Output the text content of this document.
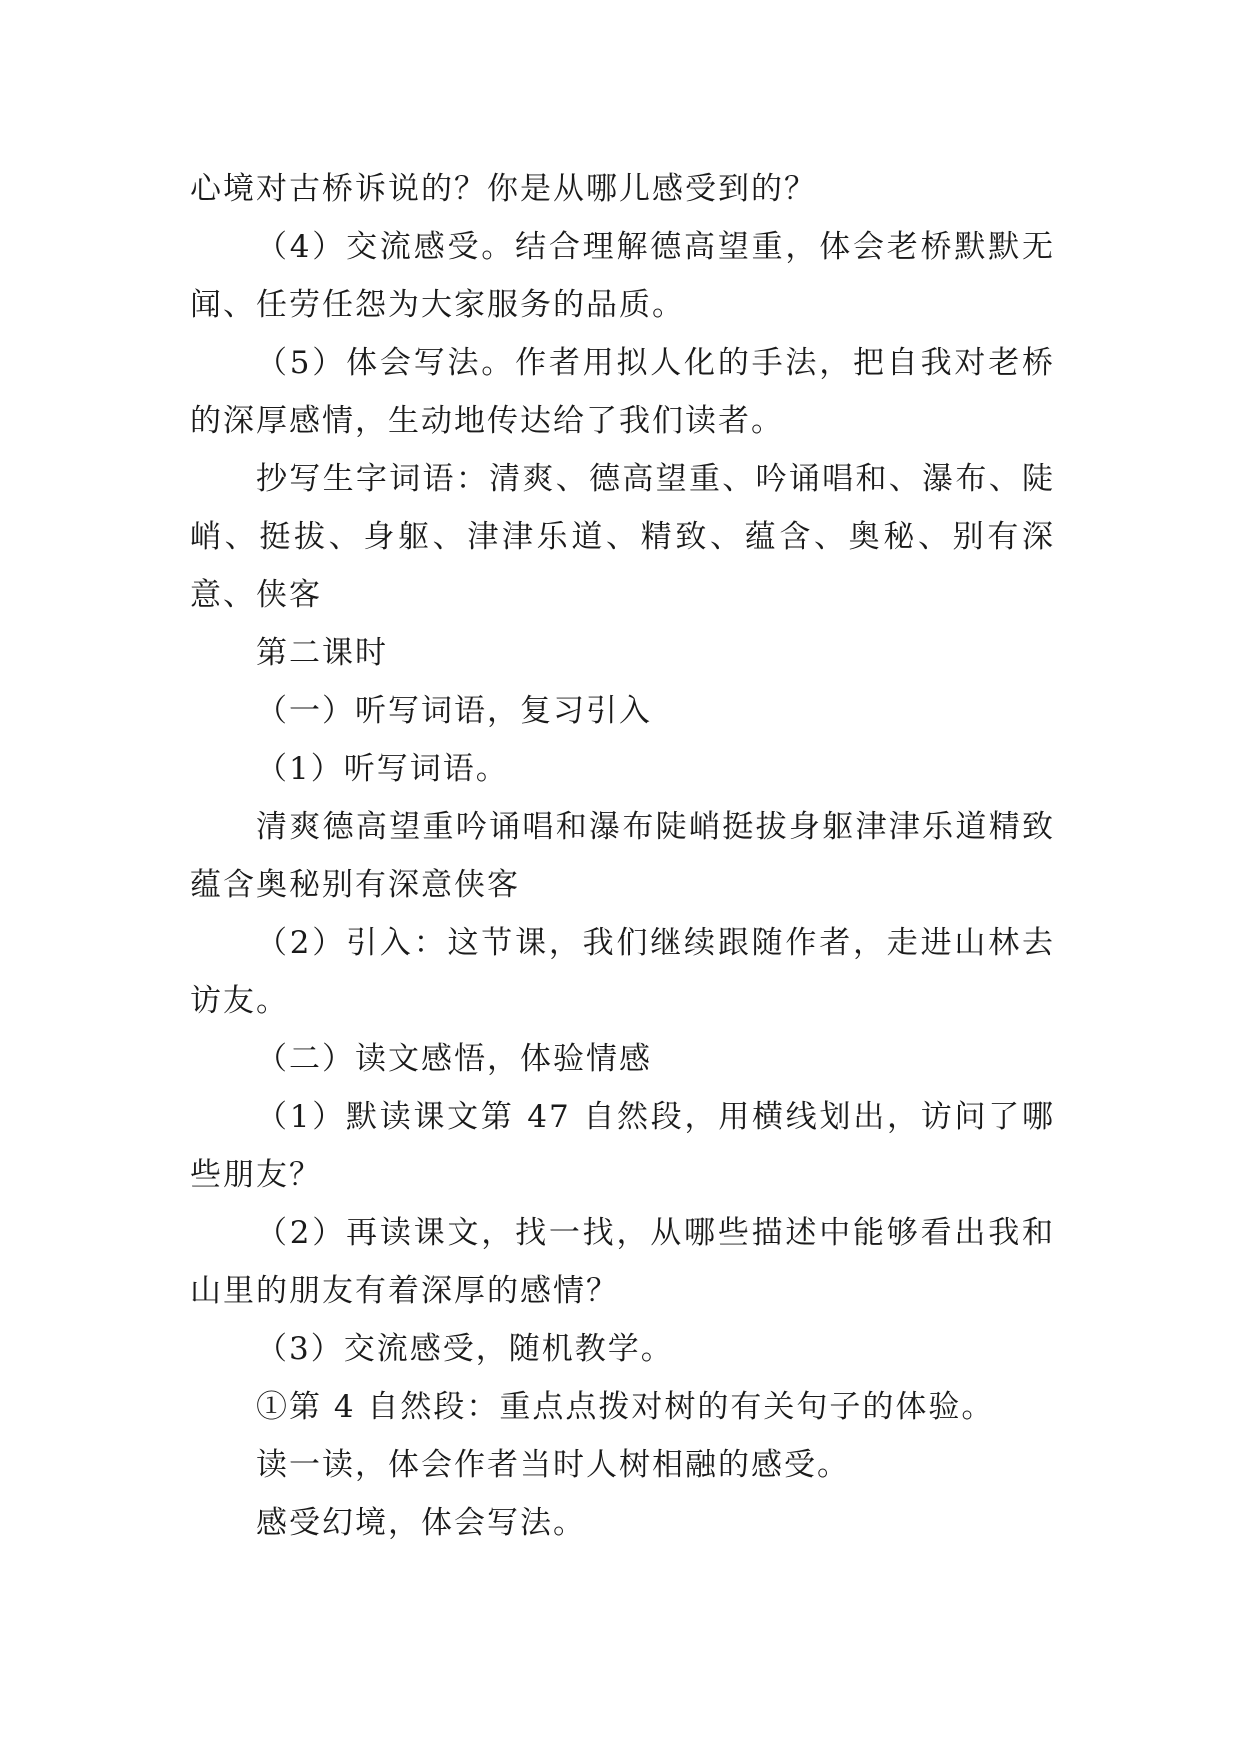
心境对古桥诉说的？你是从哪儿感受到的？

（4）交流感受。结合理解德高望重，体会老桥默默无闻、任劳任怨为大家服务的品质。

（5）体会写法。作者用拟人化的手法，把自我对老桥的深厚感情，生动地传达给了我们读者。

抄写生字词语：清爽、德高望重、吟诵唱和、瀑布、陡峭、挺拔、身躯、津津乐道、精致、蕴含、奥秘、别有深意、侠客

第二课时

（一）听写词语，复习引入

（1）听写词语。

清爽德高望重吟诵唱和瀑布陡峭挺拔身躯津津乐道精致蕴含奥秘别有深意侠客

（2）引入：这节课，我们继续跟随作者，走进山林去访友。

（二）读文感悟，体验情感

（1）默读课文第 47 自然段，用横线划出，访问了哪些朋友？

（2）再读课文，找一找，从哪些描述中能够看出我和山里的朋友有着深厚的感情？

（3）交流感受，随机教学。

①第 4 自然段：重点点拨对树的有关句子的体验。

读一读，体会作者当时人树相融的感受。

感受幻境，体会写法。
